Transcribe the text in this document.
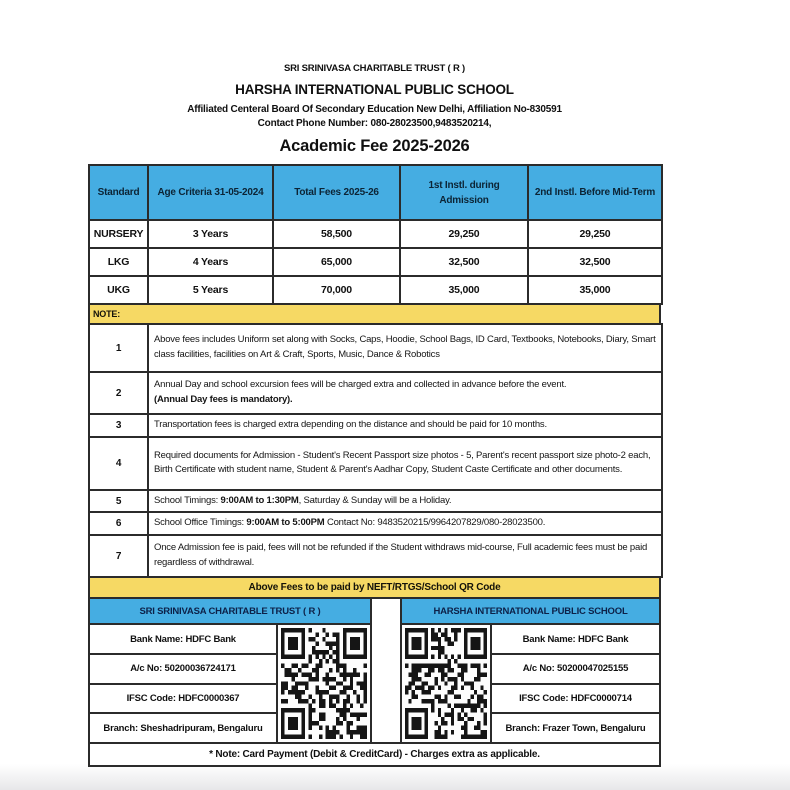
SRI SRINIVASA CHARITABLE TRUST ( R )
HARSHA INTERNATIONAL PUBLIC SCHOOL
Affiliated Centeral Board Of Secondary Education New Delhi, Affiliation No-830591
Contact Phone Number: 080-28023500,9483520214,
Academic Fee 2025-2026
Standard	Age Criteria 31-05-2024	Total Fees 2025-26	1st Instl. during Admission	2nd Instl. Before Mid-Term
NURSERY	3 Years	58,500	29,250	29,250
LKG	4 Years	65,000	32,500	32,500
UKG	5 Years	70,000	35,000	35,000
NOTE:
1	Above fees includes Uniform set along with Socks, Caps, Hoodie, School Bags, ID Card, Textbooks, Notebooks, Diary, Smart class facilities, facilities on Art & Craft, Sports, Music, Dance & Robotics
2	Annual Day and school excursion fees will be charged extra and collected in advance before the event.
(Annual Day fees is mandatory).
3	Transportation fees is charged extra depending on the distance and should be paid for 10 months.
4	Required documents for Admission - Student's Recent Passport size photos - 5, Parent's recent passport size photo-2 each, Birth Certificate with student name, Student & Parent's Aadhar Copy, Student Caste Certificate and other documents.
5	School Timings: 9:00AM to 1:30PM, Saturday & Sunday will be a Holiday.
6	School Office Timings: 9:00AM to 5:00PM Contact No: 9483520215/9964207829/080-28023500.
7	Once Admission fee is paid, fees will not be refunded if the Student withdraws mid-course, Full academic fees must be paid regardless of withdrawal.
Above Fees to be paid by NEFT/RTGS/School QR Code
SRI SRINIVASA CHARITABLE TRUST ( R )
Bank Name: HDFC Bank
A/c No: 50200036724171
IFSC Code: HDFC0000367
Branch: Sheshadripuram, Bengaluru
HARSHA INTERNATIONAL PUBLIC SCHOOL
Bank Name: HDFC Bank
A/c No: 50200047025155
IFSC Code: HDFC0000714
Branch: Frazer Town, Bengaluru
* Note: Card Payment (Debit & CreditCard) - Charges extra as applicable.
